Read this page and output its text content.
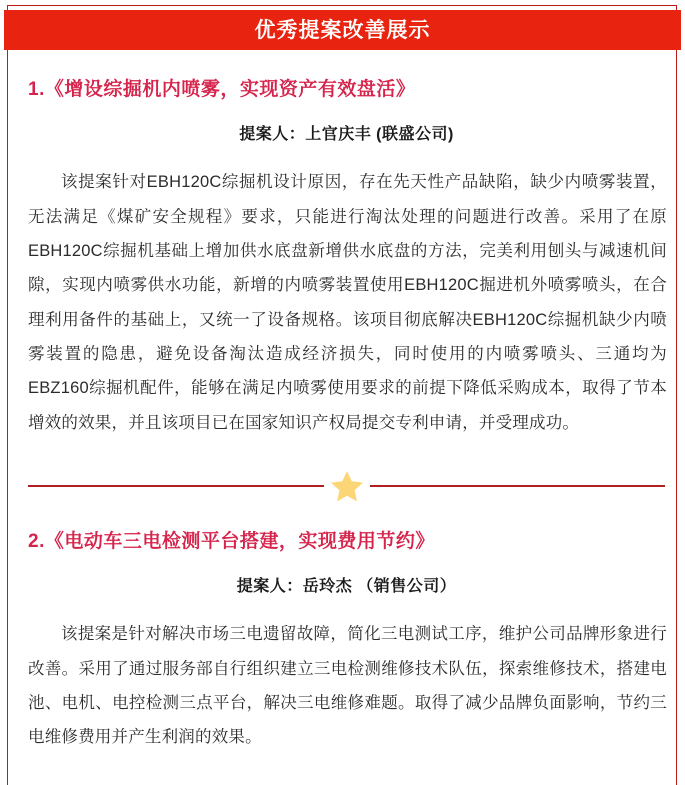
优秀提案改善展示
1.《增设综掘机内喷雾，实现资产有效盘活》
提案人：上官庆丰 (联盛公司)

该提案针对EBH120C综掘机设计原因，存在先天性产品缺陷，缺少内喷雾装置，无法满足《煤矿安全规程》要求，只能进行淘汰处理的问题进行改善。采用了在原EBH120C综掘机基础上增加供水底盘新增供水底盘的方法，完美利用刨头与减速机间隙，实现内喷雾供水功能，新增的内喷雾装置使用EBH120C掘进机外喷雾喷头，在合理利用备件的基础上，又统一了设备规格。该项目彻底解决EBH120C综掘机缺少内喷雾装置的隐患，避免设备淘汰造成经济损失，同时使用的内喷雾喷头、三通均为EBZ160综掘机配件，能够在满足内喷雾使用要求的前提下降低采购成本，取得了节本增效的效果，并且该项目已在国家知识产权局提交专利申请，并受理成功。

2.《电动车三电检测平台搭建，实现费用节约》
提案人：岳玲杰 （销售公司）

该提案是针对解决市场三电遗留故障，简化三电测试工序，维护公司品牌形象进行改善。采用了通过服务部自行组织建立三电检测维修技术队伍，探索维修技术，搭建电池、电机、电控检测三点平台，解决三电维修难题。取得了减少品牌负面影响，节约三电维修费用并产生利润的效果。
